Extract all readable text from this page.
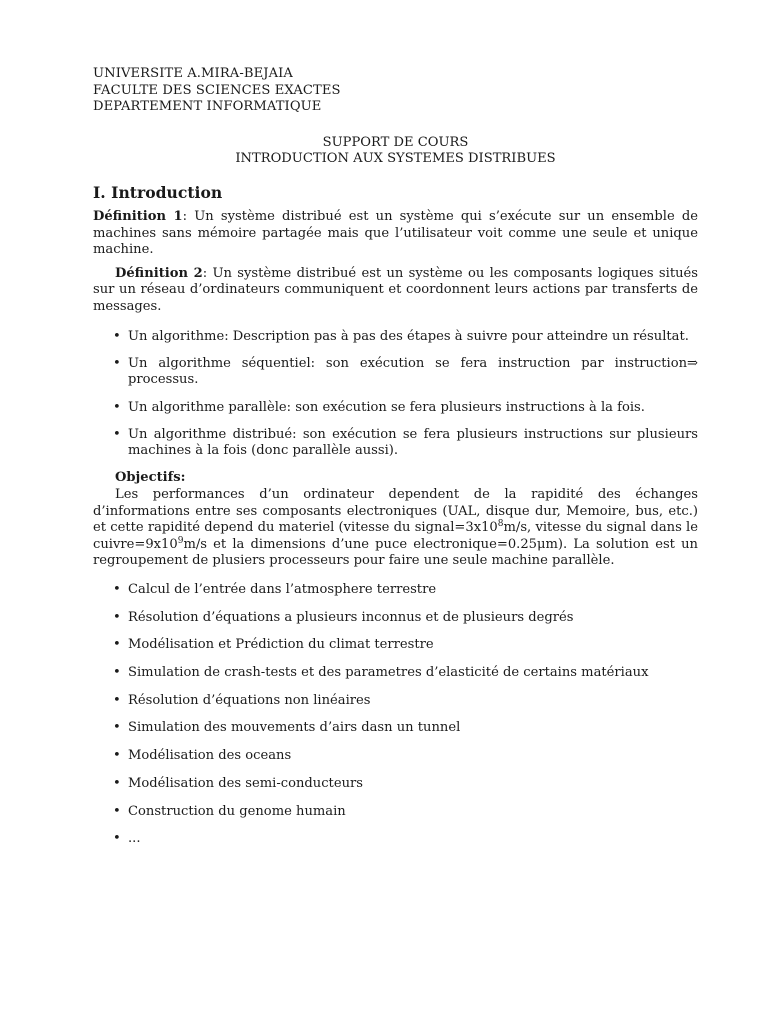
UNIVERSITE A.MIRA-BEJAIA
FACULTE DES SCIENCES EXACTES
DEPARTEMENT INFORMATIQUE
SUPPORT DE COURS
INTRODUCTION AUX SYSTEMES DISTRIBUES
I. Introduction

Définition 1: Un système distribué est un système qui s’exécute sur un ensemble de machines sans mémoire partagée mais que l’utilisateur voit comme une seule et unique machine.

Définition 2: Un système distribué est un système ou les composants logiques situés sur un réseau d’ordinateurs communiquent et coordonnent leurs actions par transferts de messages.

• Un algorithme: Description pas à pas des étapes à suivre pour atteindre un résultat.
• Un algorithme séquentiel: son exécution se fera instruction par instruction⇒ processus.
• Un algorithme parallèle: son exécution se fera plusieurs instructions à la fois.
• Un algorithme distribué: son exécution se fera plusieurs instructions sur plusieurs machines à la fois (donc parallèle aussi).

Objectifs:

Les performances d’un ordinateur dependent de la rapidité des échanges d’informations entre ses composants electroniques (UAL, disque dur, Memoire, bus, etc.) et cette rapidité depend du materiel (vitesse du $signal=3x10^8m/s$, vitesse du signal dans le $cuivre=9x10^9m/s$ et la dimensions d’une puce electronique=0.25μm). La solution est un regroupement de plusiers processeurs pour faire une seule machine parallèle.

• Calcul de l’entrée dans l’atmosphere terrestre
• Résolution d’équations a plusieurs inconnus et de plusieurs degrés
• Modélisation et Prédiction du climat terrestre
• Simulation de crash-tests et des parametres d’elasticité de certains matériaux
• Résolution d’équations non linéaires
• Simulation des mouvements d’airs dasn un tunnel
• Modélisation des oceans
• Modélisation des semi-conducteurs
• Construction du genome humain
• ...
